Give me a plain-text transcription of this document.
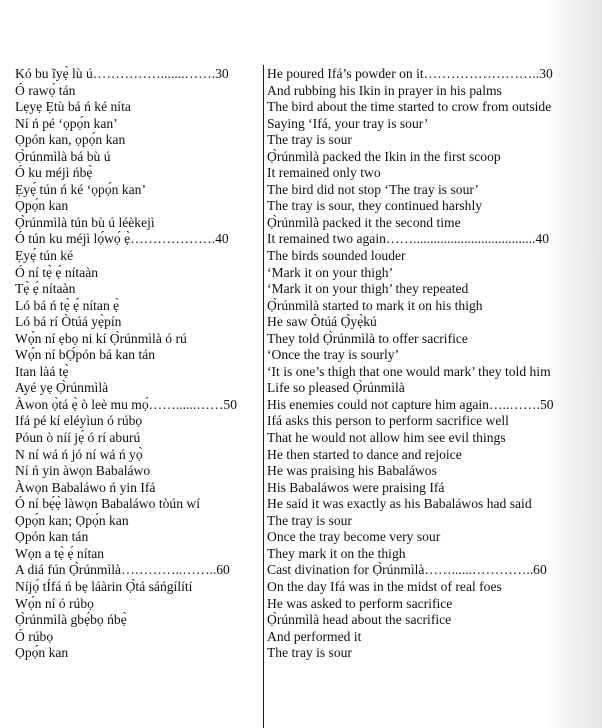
Kó bu ĩyẹ̀ lù ú…………….......…….30
Ó rawọ́ tán
Lẹyẹ Ẹtù bá ń ké níta
Ní ń pé ‘ọpọ́n kan’
Ọpón kan, ọpọ́n kan
Ọ̀rúnmìlà bá bù ú
Ó ku méjì ńbẹ̀
Ẹyẹ́ tún ń ké ‘ọpọ́n kan’
Ọpọ́n kan
Ọ̀rúnmìlà tún bù ú léèkejì
Ó tún ku méjì lọ́wọ́ ẹ̀……………….40
Ẹyẹ́ tún ké
Ó ní tẹ̀ ẹ́ nítaàn
Tẹ̀ ẹ́ nítaàn
Ló bá ń tẹ̀ ẹ́ nítan ẹ̀
Ló bá rí Òtúá yẹ̀pín
Wọ́n ní ẹbọ ni kí Ọ̀rúnmìlà ó rú
Wọ́n ní bỌ́pón bá kan tán
Itan làá tẹ̀
Ayé yẹ Ọ̀rúnmìlà
Àwon ọ̀tá ẹ̀ ò leè mu mọ́……......……50
Ifá pé kí eléyìun ó rúbọ
Póun ò níí jẹ́ ó rí aburú
N ní wá ń jó ní wá ń yọ̀
Ní ń yin àwọn Babaláwo
Àwọn Babaláwo ń yin Ifá
Ó ní bẹ́ẹ̀ làwọn Babaláwo tòún wí
Ọpọ́n kan; Ọpọ́n kan
Ọpón kan tán
Wọn a tẹ̀ ẹ́ nítan
A diá fún Ọ̀rúnmìlà…………..……..60
Níjọ́ tÍfá ń bẹ láàrin Ọ̀tá sáńgílítí
Wọ́n ní ó rúbọ
Ọ̀rúnmìlà gbẹ́bọ ńbẹ̀
Ó rúbọ
Ọpọ́n kan
He poured Ifá’s powder on it……………………..30
And rubbing his Ikin in prayer in his palms
The bird about the time started to crow from outside
Saying ‘Ifá, your tray is sour’
The tray is sour
Ọ̀rúnmìlà packed the Ikin in the first scoop
It remained only two
The bird did not stop ‘The tray is sour’
The tray is sour, they continued harshly
Ọ̀rúnmìlà packed it the second time
It remained two again……....................................40
The birds sounded louder
‘Mark it on your thigh’
‘Mark it on your thigh’ they repeated
Ọ̀rúnmìlà started to mark it on his thigh
He saw Òtúá Ọ̀yẹ̀kú
They told Ọ̀rúnmìlà to offer sacrifice
‘Once the tray is sourly’
‘It is one’s thigh that one would mark’ they told him
Life so pleased Ọ̀rúnmìlà
His enemies could not capture him again…..…….50
Ifá asks this person to perform sacrifice well
That he would not allow him see evil things
He then started to dance and rejoice
He was praising his Babaláwos
His Babaláwos were praising Ifá
He said it was exactly as his Babaláwos had said
The tray is sour
Once the tray become very sour
They mark it on the thigh
Cast divination for Ọ̀rúnmìlà……......…………..60
On the day Ifá was in the midst of real foes
He was asked to perform sacrifice
Ọ̀rúnmìlà head about the sacrifice
And performed it
The tray is sour
